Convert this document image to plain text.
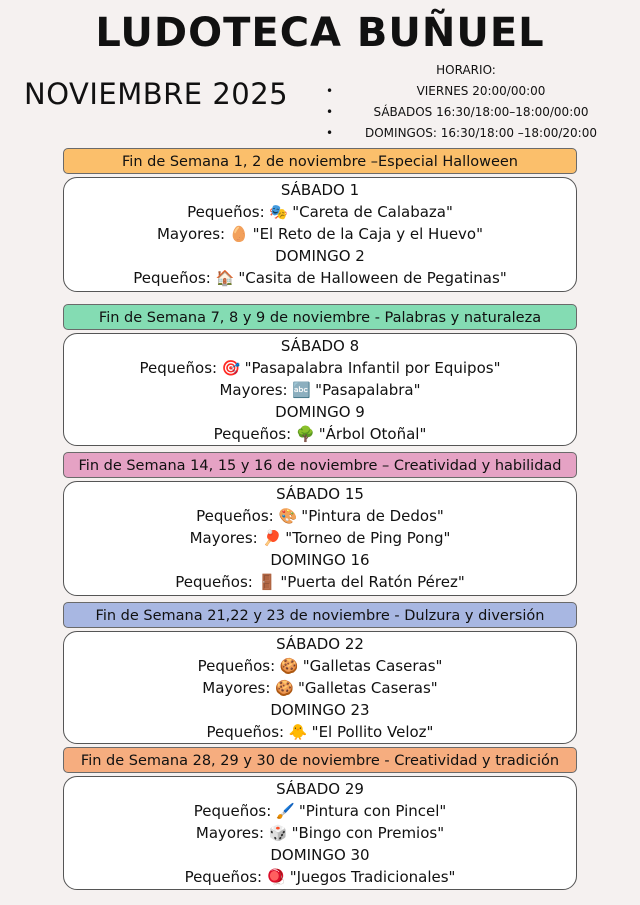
LUDOTECA BUÑUEL
NOVIEMBRE 2025
HORARIO:
•	VIERNES 20:00/00:00
•	SÁBADOS 16:30/18:00–18:00/00:00
•	DOMINGOS: 16:30/18:00 –18:00/20:00
Fin de Semana 1, 2 de noviembre –Especial Halloween
SÁBADO 1
Pequeños: 🎭 "Careta de Calabaza"
Mayores: 🥚 "El Reto de la Caja y el Huevo"
DOMINGO 2
Pequeños: 🏠 "Casita de Halloween de Pegatinas"
Fin de Semana 7, 8 y 9 de noviembre - Palabras y naturaleza
SÁBADO 8
Pequeños: 🎯 "Pasapalabra Infantil por Equipos"
Mayores: 🔤 "Pasapalabra"
DOMINGO 9
Pequeños: 🌳 "Árbol Otoñal"
Fin de Semana 14, 15 y 16 de noviembre – Creatividad y habilidad
SÁBADO 15
Pequeños: 🎨 "Pintura de Dedos"
Mayores: 🏓 "Torneo de Ping Pong"
DOMINGO 16
Pequeños: 🚪 "Puerta del Ratón Pérez"
Fin de Semana 21,22 y 23 de noviembre - Dulzura y diversión
SÁBADO 22
Pequeños: 🍪 "Galletas Caseras"
Mayores: 🍪 "Galletas Caseras"
DOMINGO 23
Pequeños: 🐥 "El Pollito Veloz"
Fin de Semana 28, 29 y 30 de noviembre - Creatividad y tradición
SÁBADO 29
Pequeños: 🖌️ "Pintura con Pincel"
Mayores: 🎲 "Bingo con Premios"
DOMINGO 30
Pequeños: 🪀 "Juegos Tradicionales"
